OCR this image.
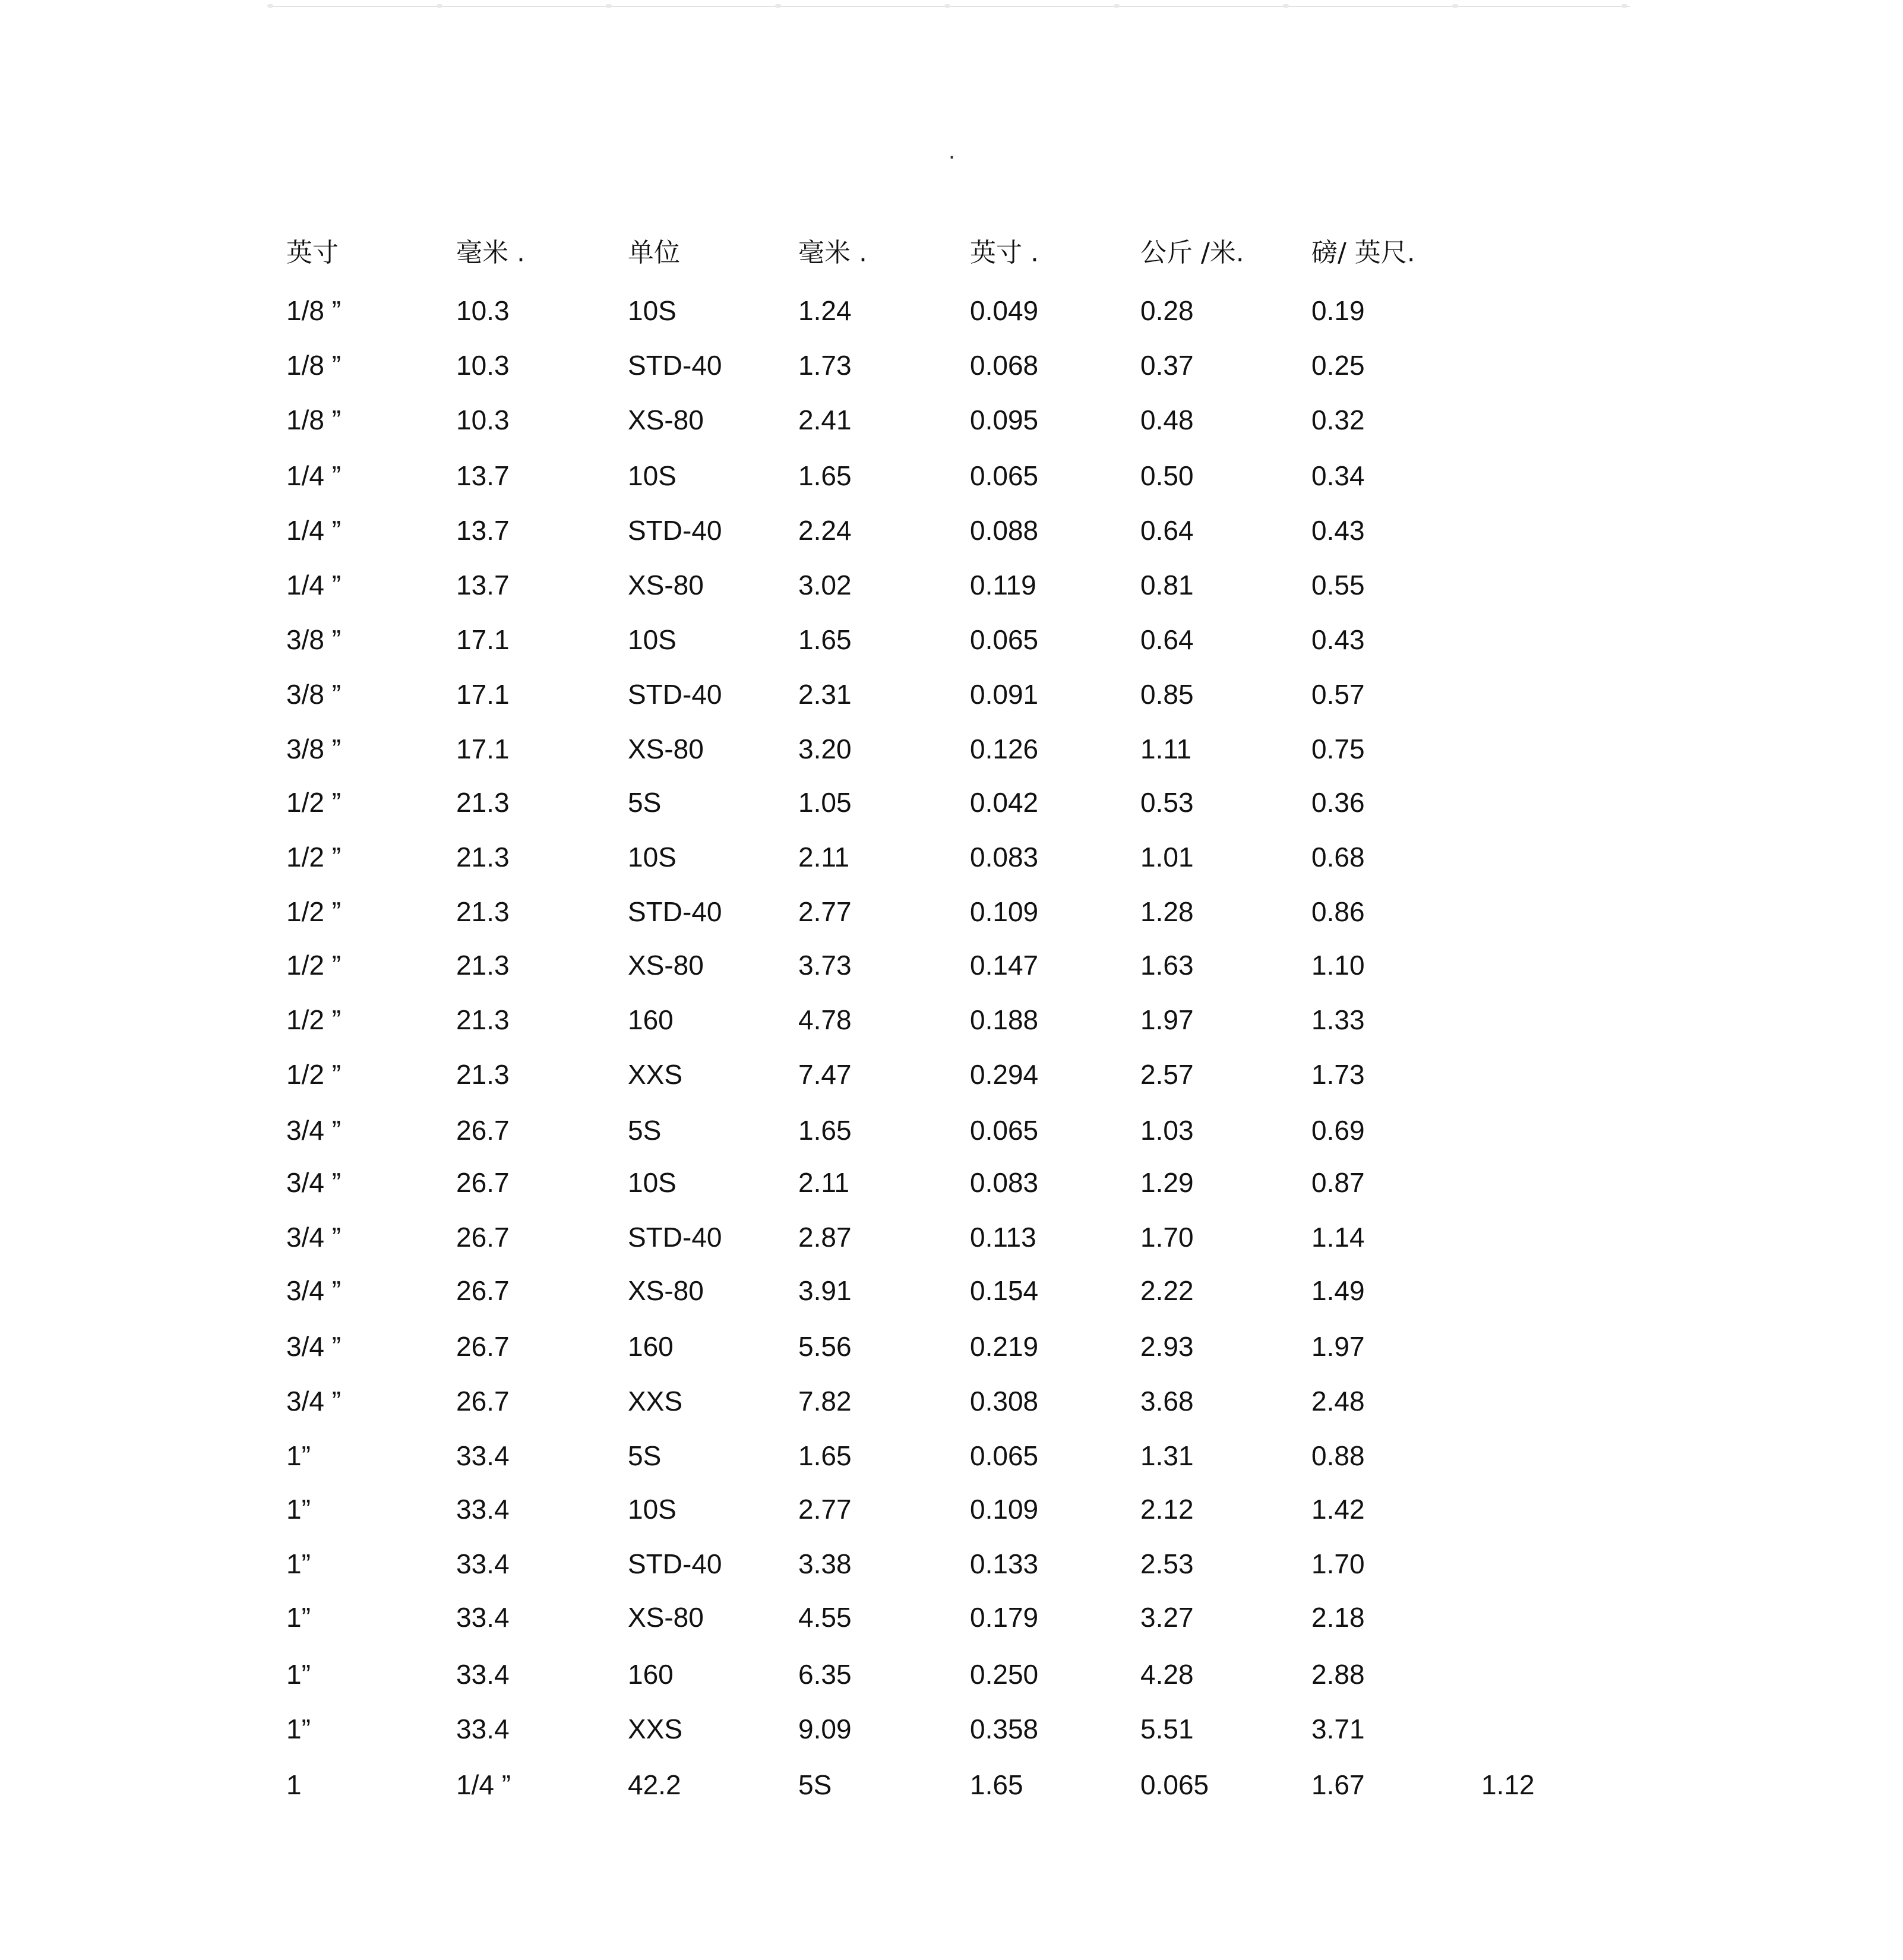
.
英寸	毫米 .	单位	毫米 .	英寸 .	公斤 /米.	磅/ 英尺.
1/8 ”	10.3	10S	1.24	0.049	0.28	0.19
1/8 ”	10.3	STD-40	1.73	0.068	0.37	0.25
1/8 ”	10.3	XS-80	2.41	0.095	0.48	0.32
1/4 ”	13.7	10S	1.65	0.065	0.50	0.34
1/4 ”	13.7	STD-40	2.24	0.088	0.64	0.43
1/4 ”	13.7	XS-80	3.02	0.119	0.81	0.55
3/8 ”	17.1	10S	1.65	0.065	0.64	0.43
3/8 ”	17.1	STD-40	2.31	0.091	0.85	0.57
3/8 ”	17.1	XS-80	3.20	0.126	1.11	0.75
1/2 ”	21.3	5S	1.05	0.042	0.53	0.36
1/2 ”	21.3	10S	2.11	0.083	1.01	0.68
1/2 ”	21.3	STD-40	2.77	0.109	1.28	0.86
1/2 ”	21.3	XS-80	3.73	0.147	1.63	1.10
1/2 ”	21.3	160	4.78	0.188	1.97	1.33
1/2 ”	21.3	XXS	7.47	0.294	2.57	1.73
3/4 ”	26.7	5S	1.65	0.065	1.03	0.69
3/4 ”	26.7	10S	2.11	0.083	1.29	0.87
3/4 ”	26.7	STD-40	2.87	0.113	1.70	1.14
3/4 ”	26.7	XS-80	3.91	0.154	2.22	1.49
3/4 ”	26.7	160	5.56	0.219	2.93	1.97
3/4 ”	26.7	XXS	7.82	0.308	3.68	2.48
1”	33.4	5S	1.65	0.065	1.31	0.88
1”	33.4	10S	2.77	0.109	2.12	1.42
1”	33.4	STD-40	3.38	0.133	2.53	1.70
1”	33.4	XS-80	4.55	0.179	3.27	2.18
1”	33.4	160	6.35	0.250	4.28	2.88
1”	33.4	XXS	9.09	0.358	5.51	3.71
1	1/4 ”	42.2	5S	1.65	0.065	1.67	1.12
